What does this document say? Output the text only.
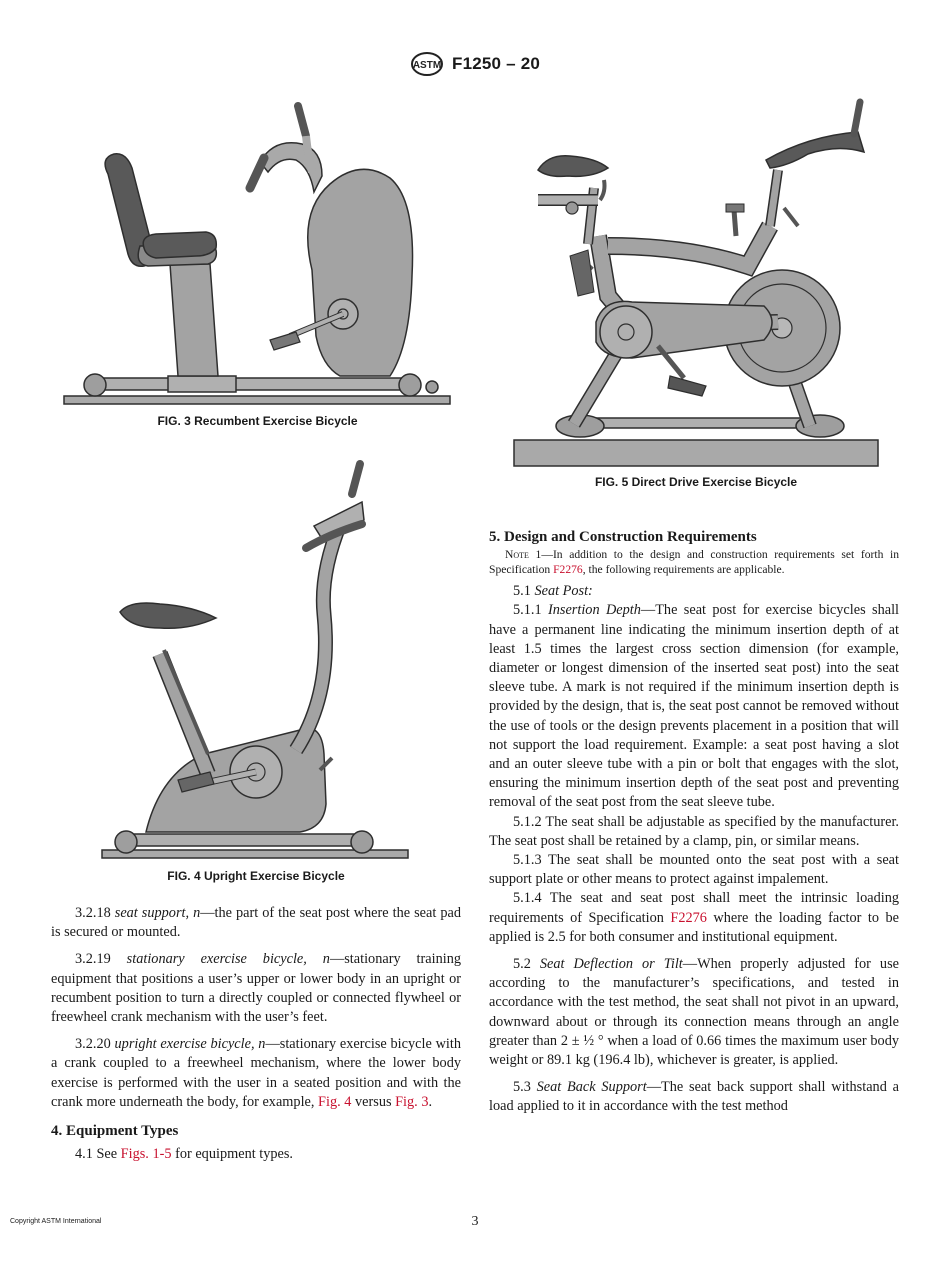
ASTM F1250 – 20
FIG. 3 Recumbent Exercise Bicycle
FIG. 5 Direct Drive Exercise Bicycle
FIG. 4 Upright Exercise Bicycle

3.2.18 seat support, n—the part of the seat post where the seat pad is secured or mounted.

3.2.19 stationary exercise bicycle, n—stationary training equipment that positions a user’s upper or lower body in an upright or recumbent position to turn a directly coupled or connected flywheel or freewheel crank mechanism with the user’s feet.

3.2.20 upright exercise bicycle, n—stationary exercise bicycle with a crank coupled to a freewheel mechanism, where the lower body exercise is performed with the user in a seated position and with the crank more underneath the body, for example, Fig. 4 versus Fig. 3.

4. Equipment Types

4.1 See Figs. 1-5 for equipment types.

5. Design and Construction Requirements
Note 1—In addition to the design and construction requirements set forth in Specification F2276, the following requirements are applicable.

5.1 Seat Post:

5.1.1 Insertion Depth—The seat post for exercise bicycles shall have a permanent line indicating the minimum insertion depth of at least 1.5 times the largest cross section dimension (for example, diameter or longest dimension of the inserted seat post) into the seat sleeve tube. A mark is not required if the minimum insertion depth is provided by the design, that is, the seat post cannot be removed without the use of tools or the design prevents placement in a position that will not support the load requirement. Example: a seat post having a slot and an outer sleeve tube with a pin or bolt that engages with the slot, ensuring the minimum insertion depth of the seat post and preventing removal of the seat post from the seat sleeve tube.

5.1.2 The seat shall be adjustable as specified by the manufacturer. The seat post shall be retained by a clamp, pin, or similar means.

5.1.3 The seat shall be mounted onto the seat post with a seat support plate or other means to protect against impalement.

5.1.4 The seat and seat post shall meet the intrinsic loading requirements of Specification F2276 where the loading factor to be applied is 2.5 for both consumer and institutional equipment.

5.2 Seat Deflection or Tilt—When properly adjusted for use according to the manufacturer’s specifications, and tested in accordance with the test method, the seat shall not pivot in an upward, downward about or through its connection means through an angle greater than 2 ± ½ ° when a load of 0.66 times the maximum user body weight or 89.1 kg (196.4 lb), whichever is greater, is applied.

5.3 Seat Back Support—The seat back support shall withstand a load applied to it in accordance with the test method

Copyright ASTM International	3
